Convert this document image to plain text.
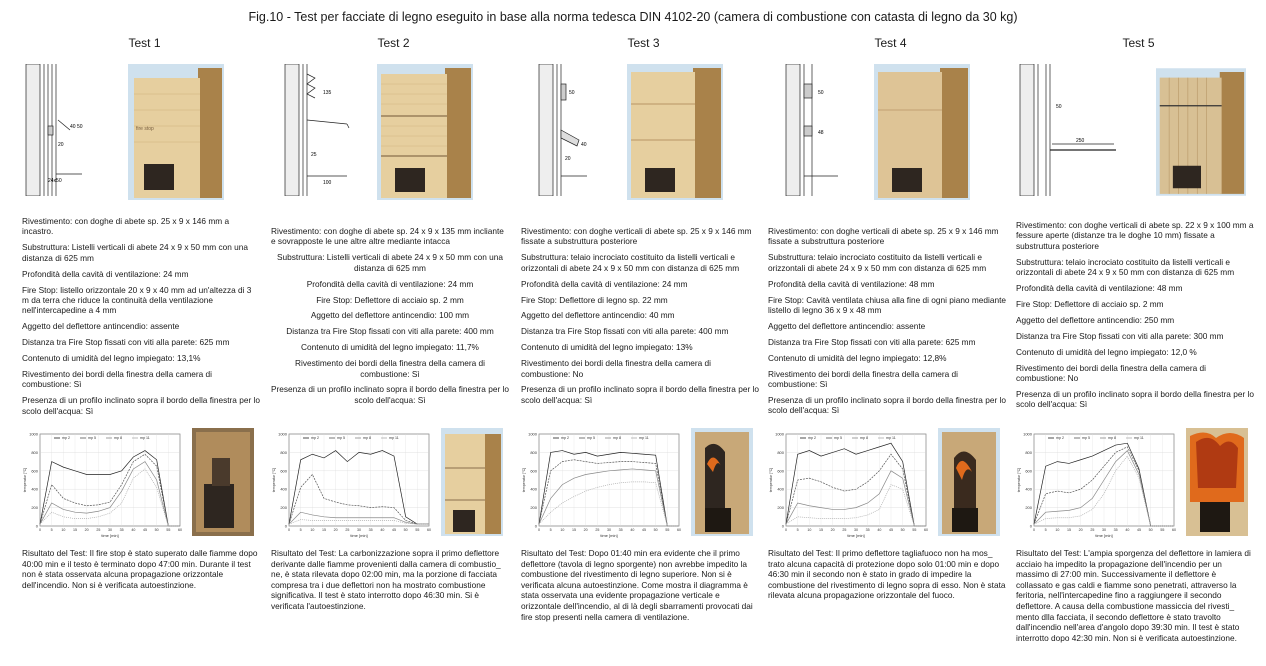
Fig.10 - Test per facciate di legno eseguito in base alla norma tedesca DIN 4102-20 (camera di combustione con catasta di legno da 30 kg)
Test 1
40 50
20
24x50
fire stop

Rivestimento: con doghe di abete sp. 25 x 9 x 146 mm a incastro.

Substruttura: Listelli verticali di abete 24 x 9 x 50 mm con una distanza di 625 mm

Profondità della cavità di ventilazione: 24 mm

Fire Stop: listello orizzontale 20 x 9 x 40 mm ad un'altezza di 3 m da terra che riduce la continuità della ventilazione nell'intercapedine a 4 mm

Aggetto del deflettore antincendio: assente

Distanza tra Fire Stop fissati con viti alla parete: 625 mm

Contenuto di umidità del legno impiegato: 13,1%

Rivestimento dei bordi della finestra della camera di combustione: Sì

Presenza di un profilo inclinato sopra il bordo della finestra per lo scolo dell'acqua: Sì

1000
800
600
400
200
0
0	5 10 15 20 25 30 35 40 45 50 55 60
time [min]
temperatur [°C]
mp 2	mp 5	mp 8	mp 11
Risultato del Test: Il fire stop è stato superato dalle fiamme dopo 40:00 min e il testo è terminato dopo 47:00 min. Durante il test non è stata osservata alcuna propagazione orizzontale dell'incendio. Non si è verificata autoestinzione.
Test 2
135
25
100

Rivestimento: con doghe di abete sp. 24 x 9 x 135 mm incliante e sovrapposte le une altre altre mediante intacca

Substruttura: Listelli verticali di abete 24 x 9 x 50 mm con una distanza di 625 mm

Profondità della cavità di ventilazione: 24 mm

Fire Stop: Deflettore di acciaio sp. 2 mm

Aggetto del deflettore antincendio: 100 mm

Distanza tra Fire Stop fissati con viti alla parete: 400 mm

Contenuto di umidità del legno impiegato: 11,7%

Rivestimento dei bordi della finestra della camera di combustione: Sì

Presenza di un profilo inclinato sopra il bordo della finestra per lo scolo dell'acqua: Sì

1000
800
600
400
200
0
0	5 10 15 20 25 30 35 40 45 50 55 60
time [min]
temperatur [°C]
mp 2	mp 5	mp 8	mp 11
Risultato del Test: La carbonizzazione sopra il primo deflettore derivante dalle fiamme provenienti dalla camera di combustio_ ne, è stata rilevata dopo 02:00 min, ma la porzione di facciata compresa tra i due deflettori non ha mostrato combustione significativa. Il test è stato interrotto dopo 46:30 min. Si è verificata l'autoestinzione.
Test 3
50
40
20

Rivestimento: con doghe verticali di abete sp. 25 x 9 x 146 mm fissate a substruttura posteriore

Substruttura: telaio incrociato costituito da listelli verticali e orizzontali di abete 24 x 9 x 50 mm con distanza di 625 mm

Profondità della cavità di ventilazione: 24 mm

Fire Stop: Deflettore di legno sp. 22 mm

Aggetto del deflettore antincendio: 40 mm

Distanza tra Fire Stop fissati con viti alla parete: 400 mm

Contenuto di umidità del legno impiegato: 13%

Rivestimento dei bordi della finestra della camera di combustione: No

Presenza di un profilo inclinato sopra il bordo della finestra per lo scolo dell'acqua: Sì

1000
800
600
400
200
0
0	5 10 15 20 25 30 35 40 45 50 55 60
time [min]
temperatur [°C]
mp 2	mp 5	mp 8	mp 11
Risultato del Test: Dopo 01:40 min era evidente che il primo deflettore (tavola di legno sporgente) non avrebbe impedito la combustione del rivestimento di legno superiore. Non si è verificata alcuna autoestinzione. Come mostra il diagramma è stata osservata una evidente propagazione verticale e orizzontale dell'incendio, al di là degli sbarramenti provocati dai fire stop presenti nella camera di ventilazione.
Test 4
50
48

Rivestimento: con doghe verticali di abete sp. 25 x 9 x 146 mm fissate a substruttura posteriore

Substruttura: telaio incrociato costituito da listelli verticali e orizzontali di abete 24 x 9 x 50 mm con distanza di 625 mm

Profondità della cavità di ventilazione: 48 mm

Fire Stop: Cavità ventilata chiusa alla fine di ogni piano mediante listello di legno 36 x 9 x 48 mm

Aggetto del deflettore antincendio: assente

Distanza tra Fire Stop fissati con viti alla parete: 625 mm

Contenuto di umidità del legno impiegato: 12,8%

Rivestimento dei bordi della finestra della camera di combustione: Sì

Presenza di un profilo inclinato sopra il bordo della finestra per lo scolo dell'acqua: Sì

1000
800
600
400
200
0
0	5 10 15 20 25 30 35 40 45 50 55 60
time [min]
temperatur [°C]
mp 2	mp 5	mp 8	mp 11
Risultato del Test: Il primo deflettore tagliafuoco non ha mos_ trato alcuna capacità di protezione dopo solo 01:00 min e dopo 46:30 min il secondo non è stato in grado di impedire la combustione del rivestimento di legno sopra di esso. Non è stata rilevata alcuna propagazione orizzontale del fuoco.
Test 5
50
250

Rivestimento: con doghe verticali di abete sp. 22 x 9 x 100 mm a fessure aperte (distanze tra le doghe 10 mm) fissate a substruttura posteriore

Substruttura: telaio incrociato costituito da listelli verticali e orizzontali di abete 24 x 9 x 50 mm con distanza di 625 mm

Profondità della cavità di ventilazione: 48 mm

Fire Stop: Deflettore di acciaio sp. 2 mm

Aggetto del deflettore antincendio: 250 mm

Distanza tra Fire Stop fissati con viti alla parete: 300 mm

Contenuto di umidità del legno impiegato: 12,0 %

Rivestimento dei bordi della finestra della camera di combustione: No

Presenza di un profilo inclinato sopra il bordo della finestra per lo scolo dell'acqua: Sì

1000
800
600
400
200
0
0	5 10 15 20 25 30 35 40 45 50 55 60
time [min]
temperatur [°C]
mp 2	mp 5	mp 8	mp 11
Risultato del Test: L'ampia sporgenza del deflettore in lamiera di acciaio ha impedito la propagazione dell'incendio per un massimo di 27:00 min. Successivamente il deflettore è collassato e gas caldi e fiamme sono penetrati, attraverso la feritoria, nell'intercapedine fino a raggiungere il secondo deflettore. A causa della combustione massiccia del rivesti_ mento dlla facciata, il secondo deflettore è stato travolto dall'incendio nell'area d'angolo dopo 39:30 min. Il test è stato interrotto dopo 42:30 min. Non si è verificata autoestinzione.
